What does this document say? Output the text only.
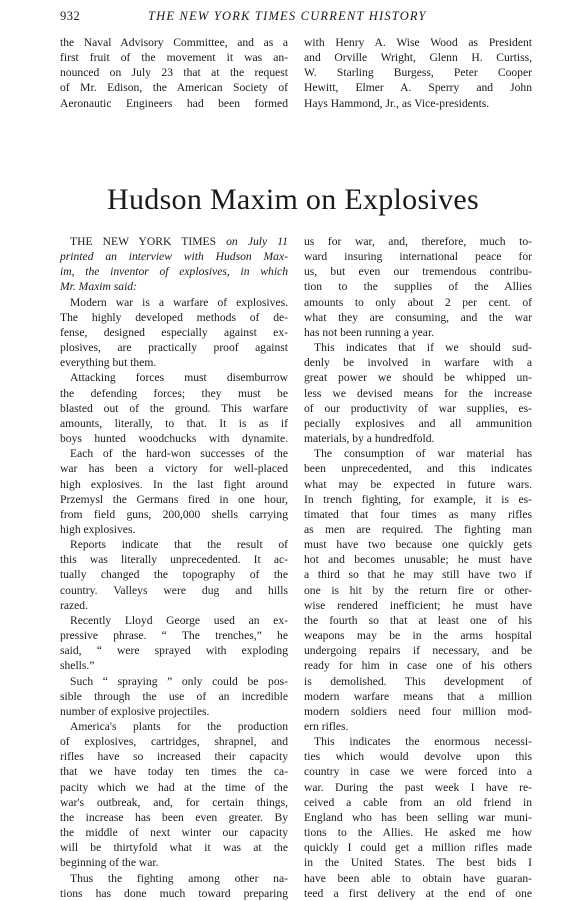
932	THE NEW YORK TIMES CURRENT HISTORY
the Naval Advisory Committee, and as a
first fruit of the movement it was an-
nounced on July 23 that at the request
of Mr. Edison, the American Society of
Aeronautic Engineers had been formed
with Henry A. Wise Wood as President
and Orville Wright, Glenn H. Curtiss,
W. Starling Burgess, Peter Cooper
Hewitt, Elmer A. Sperry and John
Hays Hammond, Jr., as Vice-presidents.
Hudson Maxim on Explosives
THE NEW YORK TIMES on July 11
printed an interview with Hudson Max-
im, the inventor of explosives, in which
Mr. Maxim said:
Modern war is a warfare of explosives.
The highly developed methods of de-
fense, designed especially against ex-
plosives, are practically proof against
everything but them.
Attacking forces must disemburrow
the defending forces; they must be
blasted out of the ground. This warfare
amounts, literally, to that. It is as if
boys hunted woodchucks with dynamite.
Each of the hard-won successes of the
war has been a victory for well-placed
high explosives. In the last fight around
Przemysl the Germans fired in one hour,
from field guns, 200,000 shells carrying
high explosives.
Reports indicate that the result of
this was literally unprecedented. It ac-
tually changed the topography of the
country. Valleys were dug and hills
razed.
Recently Lloyd George used an ex-
pressive phrase. “ The trenches,” he
said, “ were sprayed with exploding
shells.”
Such “ spraying ” only could be pos-
sible through the use of an incredible
number of explosive projectiles.
America's plants for the production
of explosives, cartridges, shrapnel, and
rifles have so increased their capacity
that we have today ten times the ca-
pacity which we had at the time of the
war's outbreak, and, for certain things,
the increase has been even greater. By
the middle of next winter our capacity
will be thirtyfold what it was at the
beginning of the war.
Thus the fighting among other na-
tions has done much toward preparing
us for war, and, therefore, much to-
ward insuring international peace for
us, but even our tremendous contribu-
tion to the supplies of the Allies
amounts to only about 2 per cent. of
what they are consuming, and the war
has not been running a year.
This indicates that if we should sud-
denly be involved in warfare with a
great power we should be whipped un-
less we devised means for the increase
of our productivity of war supplies, es-
pecially explosives and all ammunition
materials, by a hundredfold.
The consumption of war material has
been unprecedented, and this indicates
what may be expected in future wars.
In trench fighting, for example, it is es-
timated that four times as many rifles
as men are required. The fighting man
must have two because one quickly gets
hot and becomes unusable; he must have
a third so that he may still have two if
one is hit by the return fire or other-
wise rendered inefficient; he must have
the fourth so that at least one of his
weapons may be in the arms hospital
undergoing repairs if necessary, and be
ready for him in case one of his others
is demolished. This development of
modern warfare means that a million
modern soldiers need four million mod-
ern rifles.
This indicates the enormous necessi-
ties which would devolve upon this
country in case we were forced into a
war. During the past week I have re-
ceived a cable from an old friend in
England who has been selling war muni-
tions to the Allies. He asked me how
quickly I could get a million rifles made
in the United States. The best bids I
have been able to obtain have guaran-
teed a first delivery at the end of one
